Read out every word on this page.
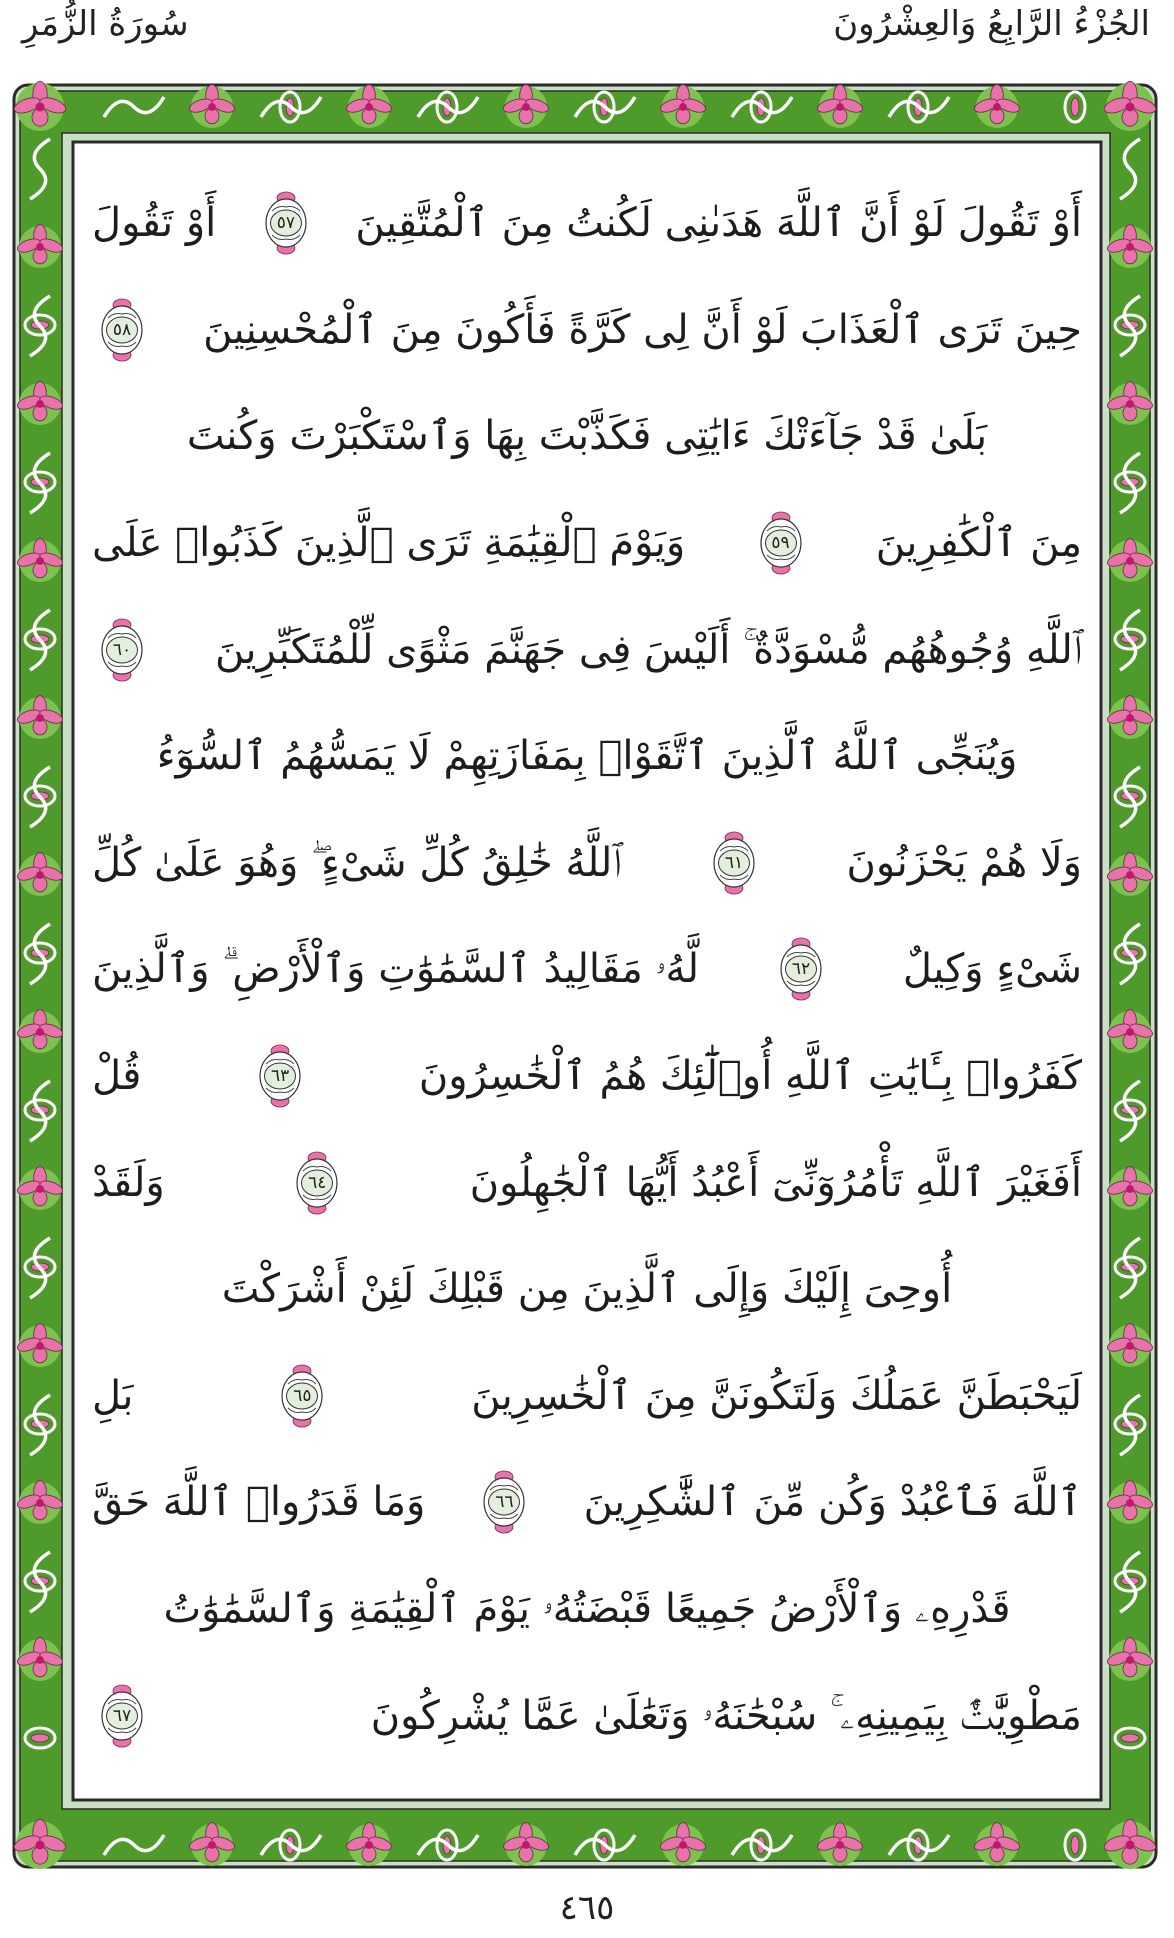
سُورَةُ الزُّمَرِ	الجُزْءُ الرَّابِعُ وَالعِشْرُونَ
أَوْ تَقُولَ لَوْ أَنَّ ٱللَّهَ هَدَىٰنِى لَكُنتُ مِنَ ٱلْمُتَّقِينَ
٥٧
أَوْ تَقُولَ
حِينَ تَرَى ٱلْعَذَابَ لَوْ أَنَّ لِى كَرَّةً فَأَكُونَ مِنَ ٱلْمُحْسِنِينَ
٥٨
بَلَىٰ قَدْ جَآءَتْكَ ءَايَٰتِى فَكَذَّبْتَ بِهَا وَٱسْتَكْبَرْتَ وَكُنتَ
مِنَ ٱلْكَٰفِرِينَ
٥٩
وَيَوْمَ ٱلْقِيَٰمَةِ تَرَى ٱلَّذِينَ كَذَبُوا۟ عَلَى
ٱللَّهِ وُجُوهُهُم مُّسْوَدَّةٌ ۚ أَلَيْسَ فِى جَهَنَّمَ مَثْوًى لِّلْمُتَكَبِّرِينَ
٦٠
وَيُنَجِّى ٱللَّهُ ٱلَّذِينَ ٱتَّقَوْا۟ بِمَفَازَتِهِمْ لَا يَمَسُّهُمُ ٱلسُّوٓءُ
وَلَا هُمْ يَحْزَنُونَ
٦١
ٱللَّهُ خَٰلِقُ كُلِّ شَىْءٍ ۖ وَهُوَ عَلَىٰ كُلِّ
شَىْءٍ وَكِيلٌ
٦٢
لَّهُۥ مَقَالِيدُ ٱلسَّمَٰوَٰتِ وَٱلْأَرْضِ ۗ وَٱلَّذِينَ
كَفَرُوا۟ بِـَٔايَٰتِ ٱللَّهِ أُو۟لَٰٓئِكَ هُمُ ٱلْخَٰسِرُونَ
٦٣
قُلْ
أَفَغَيْرَ ٱللَّهِ تَأْمُرُوٓنِّىٓ أَعْبُدُ أَيُّهَا ٱلْجَٰهِلُونَ
٦٤
وَلَقَدْ
أُوحِىَ إِلَيْكَ وَإِلَى ٱلَّذِينَ مِن قَبْلِكَ لَئِنْ أَشْرَكْتَ
لَيَحْبَطَنَّ عَمَلُكَ وَلَتَكُونَنَّ مِنَ ٱلْخَٰسِرِينَ
٦٥
بَلِ
ٱللَّهَ فَٱعْبُدْ وَكُن مِّنَ ٱلشَّٰكِرِينَ
٦٦
وَمَا قَدَرُوا۟ ٱللَّهَ حَقَّ
قَدْرِهِۦ وَٱلْأَرْضُ جَمِيعًا قَبْضَتُهُۥ يَوْمَ ٱلْقِيَٰمَةِ وَٱلسَّمَٰوَٰتُ
مَطْوِيَّٰتٌۢ بِيَمِينِهِۦ ۚ سُبْحَٰنَهُۥ وَتَعَٰلَىٰ عَمَّا يُشْرِكُونَ
٦٧
٤٦٥
